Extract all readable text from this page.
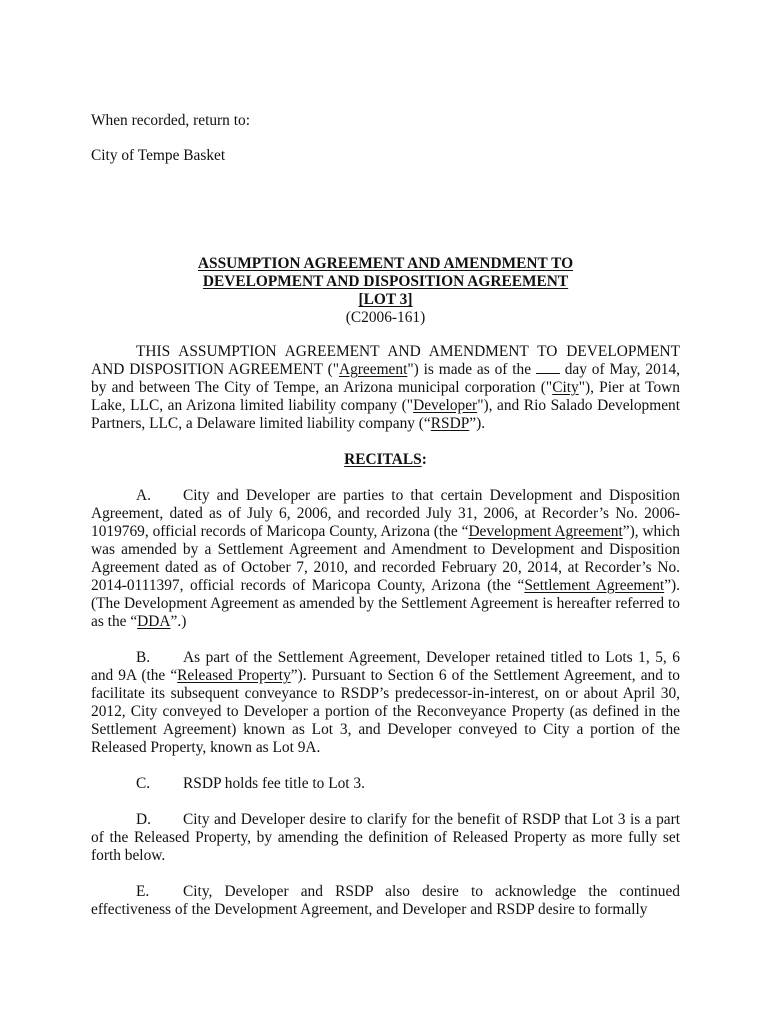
When recorded, return to:
City of Tempe Basket
ASSUMPTION AGREEMENT AND AMENDMENT TO
DEVELOPMENT AND DISPOSITION AGREEMENT
[LOT 3]
(C2006-161)

THIS ASSUMPTION AGREEMENT AND AMENDMENT TO DEVELOPMENT AND DISPOSITION AGREEMENT ("Agreement") is made as of the  day of May, 2014, by and between The City of Tempe, an Arizona municipal corporation ("City"), Pier at Town Lake, LLC, an Arizona limited liability company ("Developer"), and Rio Salado Development Partners, LLC, a Delaware limited liability company (“RSDP”).

RECITALS:

A. City and Developer are parties to that certain Development and Disposition Agreement, dated as of July 6, 2006, and recorded July 31, 2006, at Recorder’s No. 2006-1019769, official records of Maricopa County, Arizona (the “Development Agreement”), which was amended by a Settlement Agreement and Amendment to Development and Disposition Agreement dated as of October 7, 2010, and recorded February 20, 2014, at Recorder’s No. 2014-0111397, official records of Maricopa County, Arizona (the “Settlement Agreement”). (The Development Agreement as amended by the Settlement Agreement is hereafter referred to as the “DDA”.)

B. As part of the Settlement Agreement, Developer retained titled to Lots 1, 5, 6 and 9A (the “Released Property”). Pursuant to Section 6 of the Settlement Agreement, and to facilitate its subsequent conveyance to RSDP’s predecessor-in-interest, on or about April 30, 2012, City conveyed to Developer a portion of the Reconveyance Property (as defined in the Settlement Agreement) known as Lot 3, and Developer conveyed to City a portion of the Released Property, known as Lot 9A.

C. RSDP holds fee title to Lot 3.

D. City and Developer desire to clarify for the benefit of RSDP that Lot 3 is a part of the Released Property, by amending the definition of Released Property as more fully set forth below.

E. City, Developer and RSDP also desire to acknowledge the continued effectiveness of the Development Agreement, and Developer and RSDP desire to formally
